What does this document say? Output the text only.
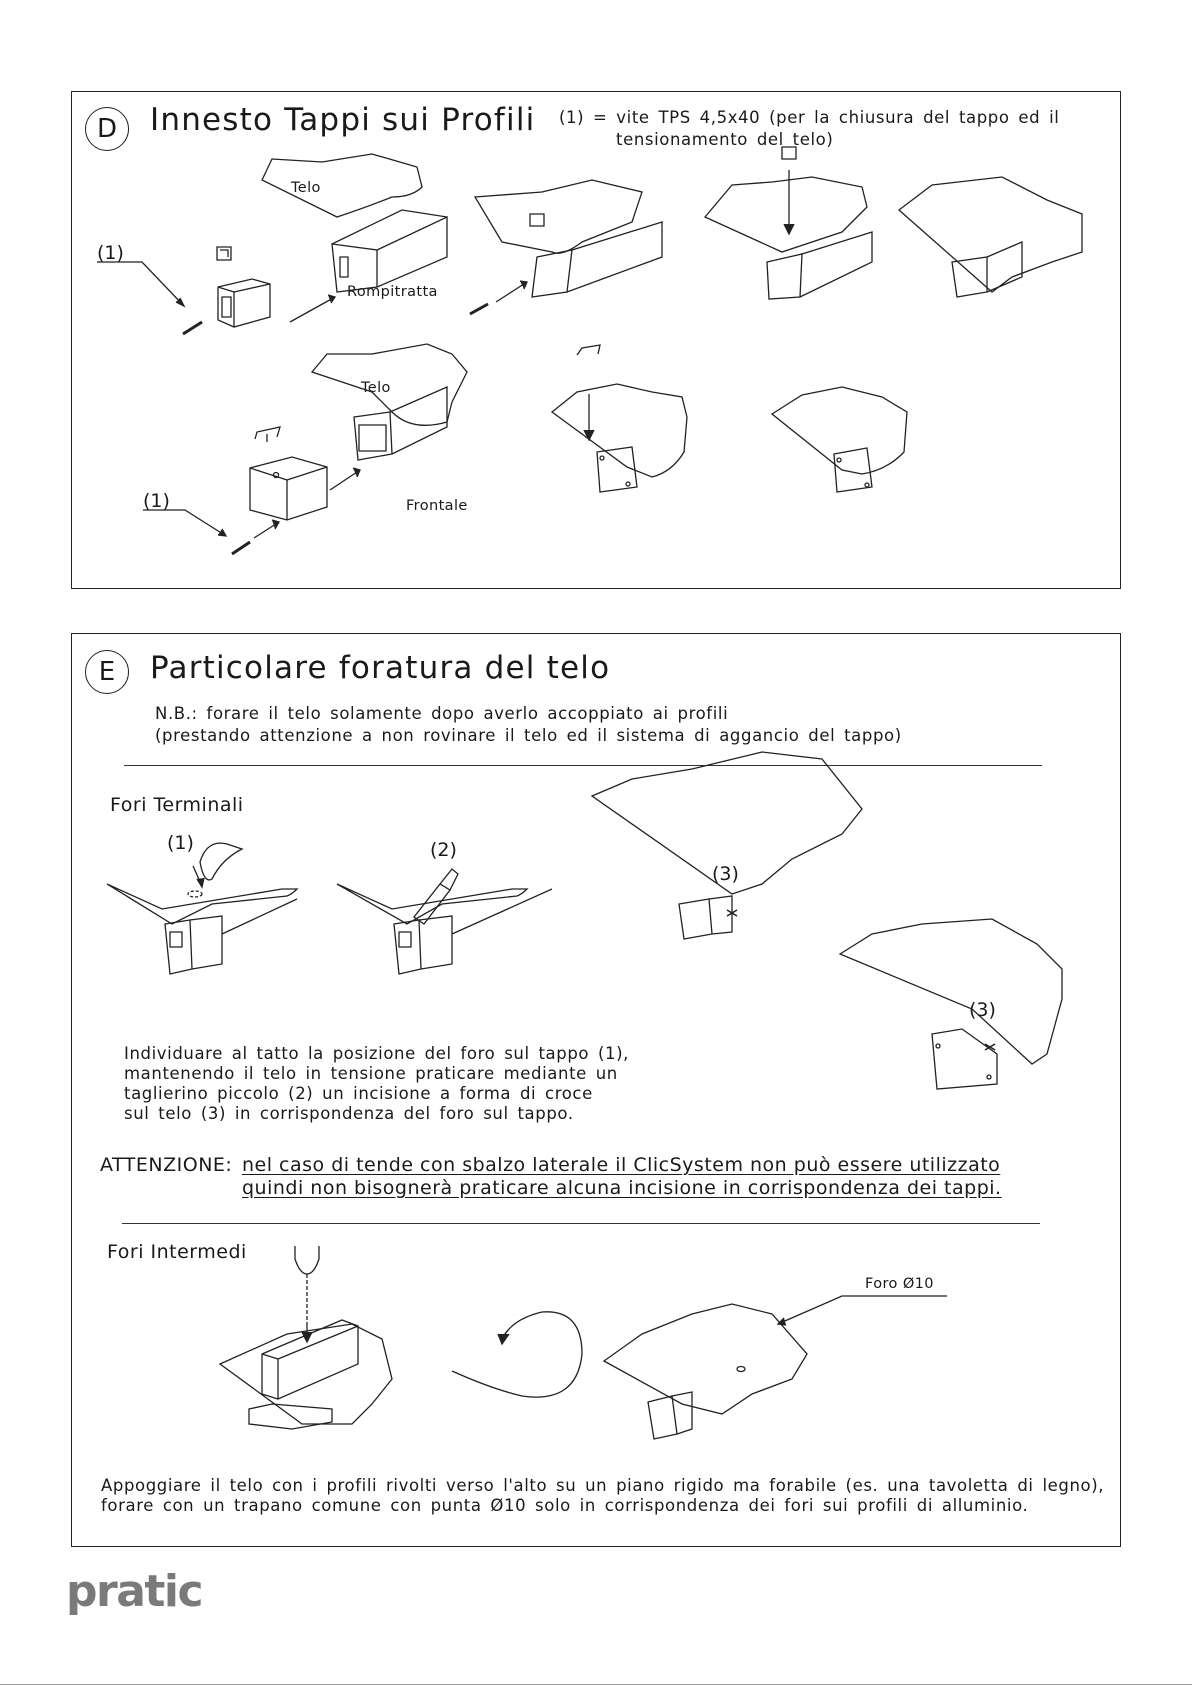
D	Innesto Tappi sui Profili (1) = vite TPS 4,5x40 (per la chiusura del tappo ed il
tensionamento del telo)
Telo
(1)
Rompitratta
Telo
(1)	Frontale
E	Particolare foratura del telo
N.B.: forare il telo solamente dopo averlo accoppiato ai profili
(prestando attenzione a non rovinare il telo ed il sistema di aggancio del tappo)
Fori Terminali
(1)	(2)
(3)
(3)
Individuare al tatto la posizione del foro sul tappo (1),
mantenendo il telo in tensione praticare mediante un
taglierino piccolo (2) un incisione a forma di croce
sul telo (3) in corrispondenza del foro sul tappo.
ATTENZIONE: nel caso di tende con sbalzo laterale il ClicSystem non può essere utilizzato
quindi non bisognerà praticare alcuna incisione in corrispondenza dei tappi.
Fori Intermedi
Foro Ø10
Appoggiare il telo con i profili rivolti verso l'alto su un piano rigido ma forabile (es. una tavoletta di legno),
forare con un trapano comune con punta Ø10 solo in corrispondenza dei fori sui profili di alluminio.
pratic
